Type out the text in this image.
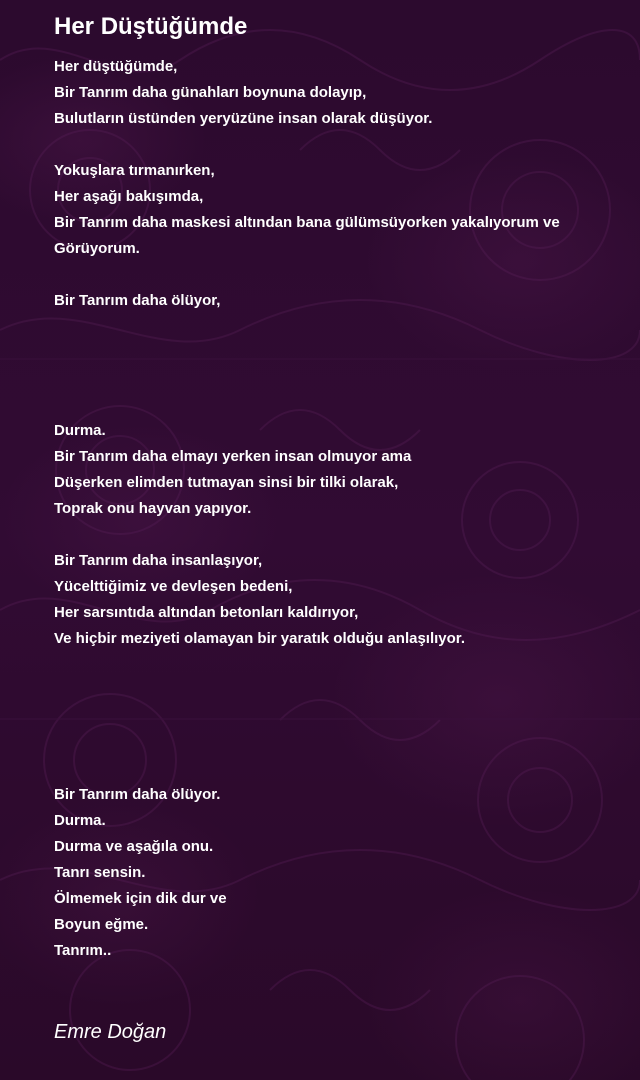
Her Düştüğümde
Her düştüğümde,
Bir Tanrım daha günahları boynuna dolayıp,
Bulutların üstünden yeryüzüne insan olarak düşüyor.
Yokuşlara tırmanırken,
Her aşağı bakışımda,
Bir Tanrım daha maskesi altından bana gülümsüyorken yakalıyorum ve
Görüyorum.
Bir Tanrım daha ölüyor,
Durma.
Bir Tanrım daha elmayı yerken insan olmuyor ama
Düşerken elimden tutmayan sinsi bir tilki olarak,
Toprak onu hayvan yapıyor.
Bir Tanrım daha insanlaşıyor,
Yücelttiğimiz ve devleşen bedeni,
Her sarsıntıda altından betonları kaldırıyor,
Ve hiçbir meziyeti olamayan bir yaratık olduğu anlaşılıyor.
Bir Tanrım daha ölüyor.
Durma.
Durma ve aşağıla onu.
Tanrı sensin.
Ölmemek için dik dur ve
Boyun eğme.
Tanrım..
Emre Doğan
